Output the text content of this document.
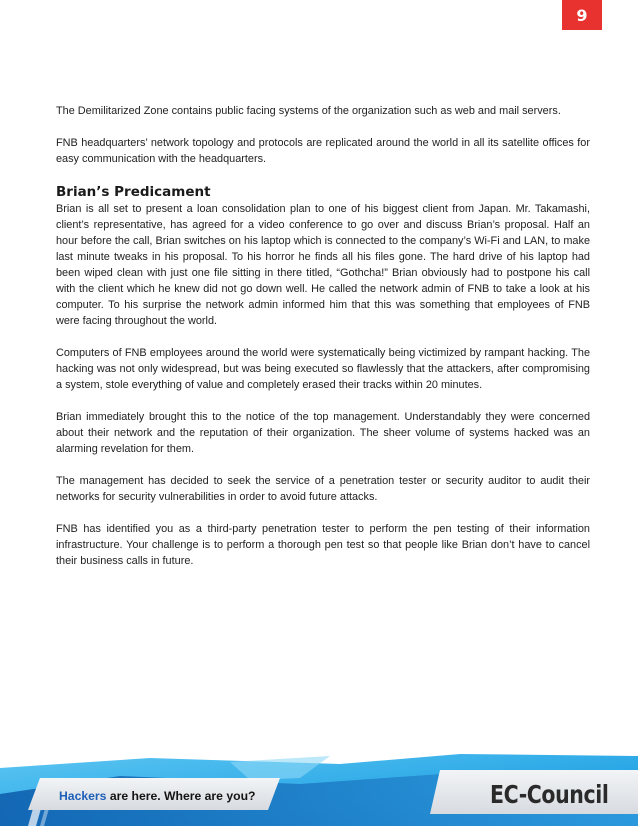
9

The Demilitarized Zone contains public facing systems of the organization such as web and mail servers.

FNB headquarters’ network topology and protocols are replicated around the world in all its satellite offices for easy communication with the headquarters.

Brian’s Predicament

Brian is all set to present a loan consolidation plan to one of his biggest client from Japan. Mr. Takamashi, client’s representative, has agreed for a video conference to go over and discuss Brian’s proposal. Half an hour before the call, Brian switches on his laptop which is connected to the company’s Wi-Fi and LAN, to make last minute tweaks in his proposal. To his horror he finds all his files gone. The hard drive of his laptop had been wiped clean with just one file sitting in there titled, “Gothcha!” Brian obviously had to postpone his call with the client which he knew did not go down well. He called the network admin of FNB to take a look at his computer. To his surprise the network admin informed him that this was something that employees of FNB were facing throughout the world.

Computers of FNB employees around the world were systematically being victimized by rampant hacking. The hacking was not only widespread, but was being executed so flawlessly that the attackers, after compromising a system, stole everything of value and completely erased their tracks within 20 minutes.

Brian immediately brought this to the notice of the top management. Understandably they were concerned about their network and the reputation of their organization. The sheer volume of systems hacked was an alarming revelation for them.

The management has decided to seek the service of a penetration tester or security auditor to audit their networks for security vulnerabilities in order to avoid future attacks.

FNB has identified you as a third-party penetration tester to perform the pen testing of their information infrastructure. Your challenge is to perform a thorough pen test so that people like Brian don’t have to cancel their business calls in future.

Hackers are here. Where are you?	EC-Council
